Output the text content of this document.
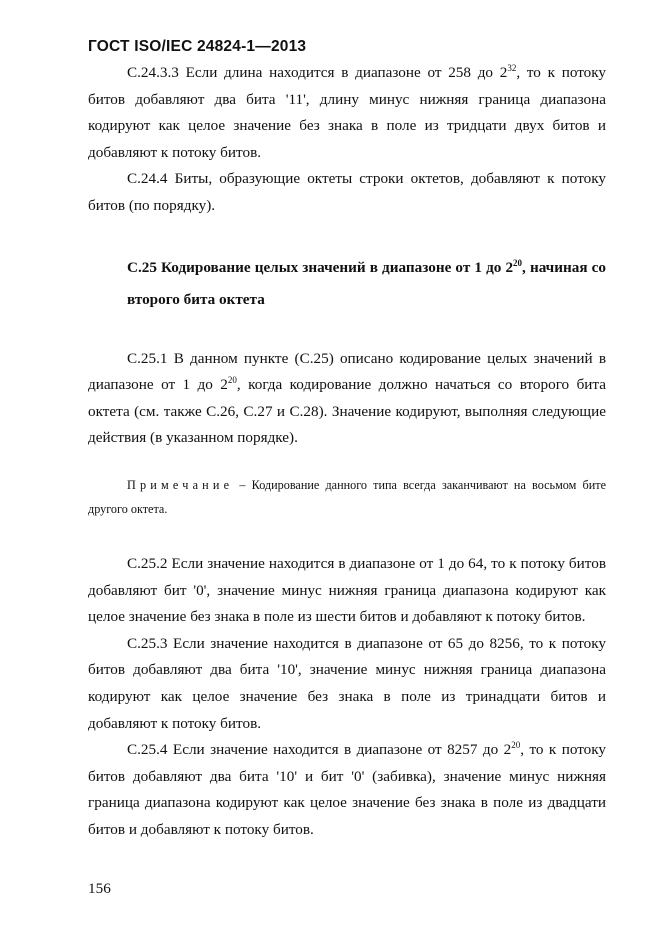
ГОСТ ISO/IEC 24824-1—2013

С.24.3.3 Если длина находится в диапазоне от 258 до $2^{32}$, то к потоку битов добавляют два бита '11', длину минус нижняя граница диапазона кодируют как целое значение без знака в поле из тридцати двух битов и добавляют к потоку битов.

С.24.4 Биты, образующие октеты строки октетов, добавляют к потоку битов (по порядку).

С.25 Кодирование целых значений в диапазоне от 1 до $2^{20}$, начиная со второго бита октета

С.25.1 В данном пункте (С.25) описано кодирование целых значений в диапазоне от 1 до $2^{20}$, когда кодирование должно начаться со второго бита октета (см. также С.26, С.27 и С.28). Значение кодируют, выполняя следующие действия (в указанном порядке).

Примечание – Кодирование данного типа всегда заканчивают на восьмом бите другого октета.

С.25.2 Если значение находится в диапазоне от 1 до 64, то к потоку битов добавляют бит '0', значение минус нижняя граница диапазона кодируют как целое значение без знака в поле из шести битов и добавляют к потоку битов.

С.25.3 Если значение находится в диапазоне от 65 до 8256, то к потоку битов добавляют два бита '10', значение минус нижняя граница диапазона кодируют как целое значение без знака в поле из тринадцати битов и добавляют к потоку битов.

С.25.4 Если значение находится в диапазоне от 8257 до $2^{20}$, то к потоку битов добавляют два бита '10' и бит '0' (забивка), значение минус нижняя граница диапазона кодируют как целое значение без знака в поле из двадцати битов и добавляют к потоку битов.

156
